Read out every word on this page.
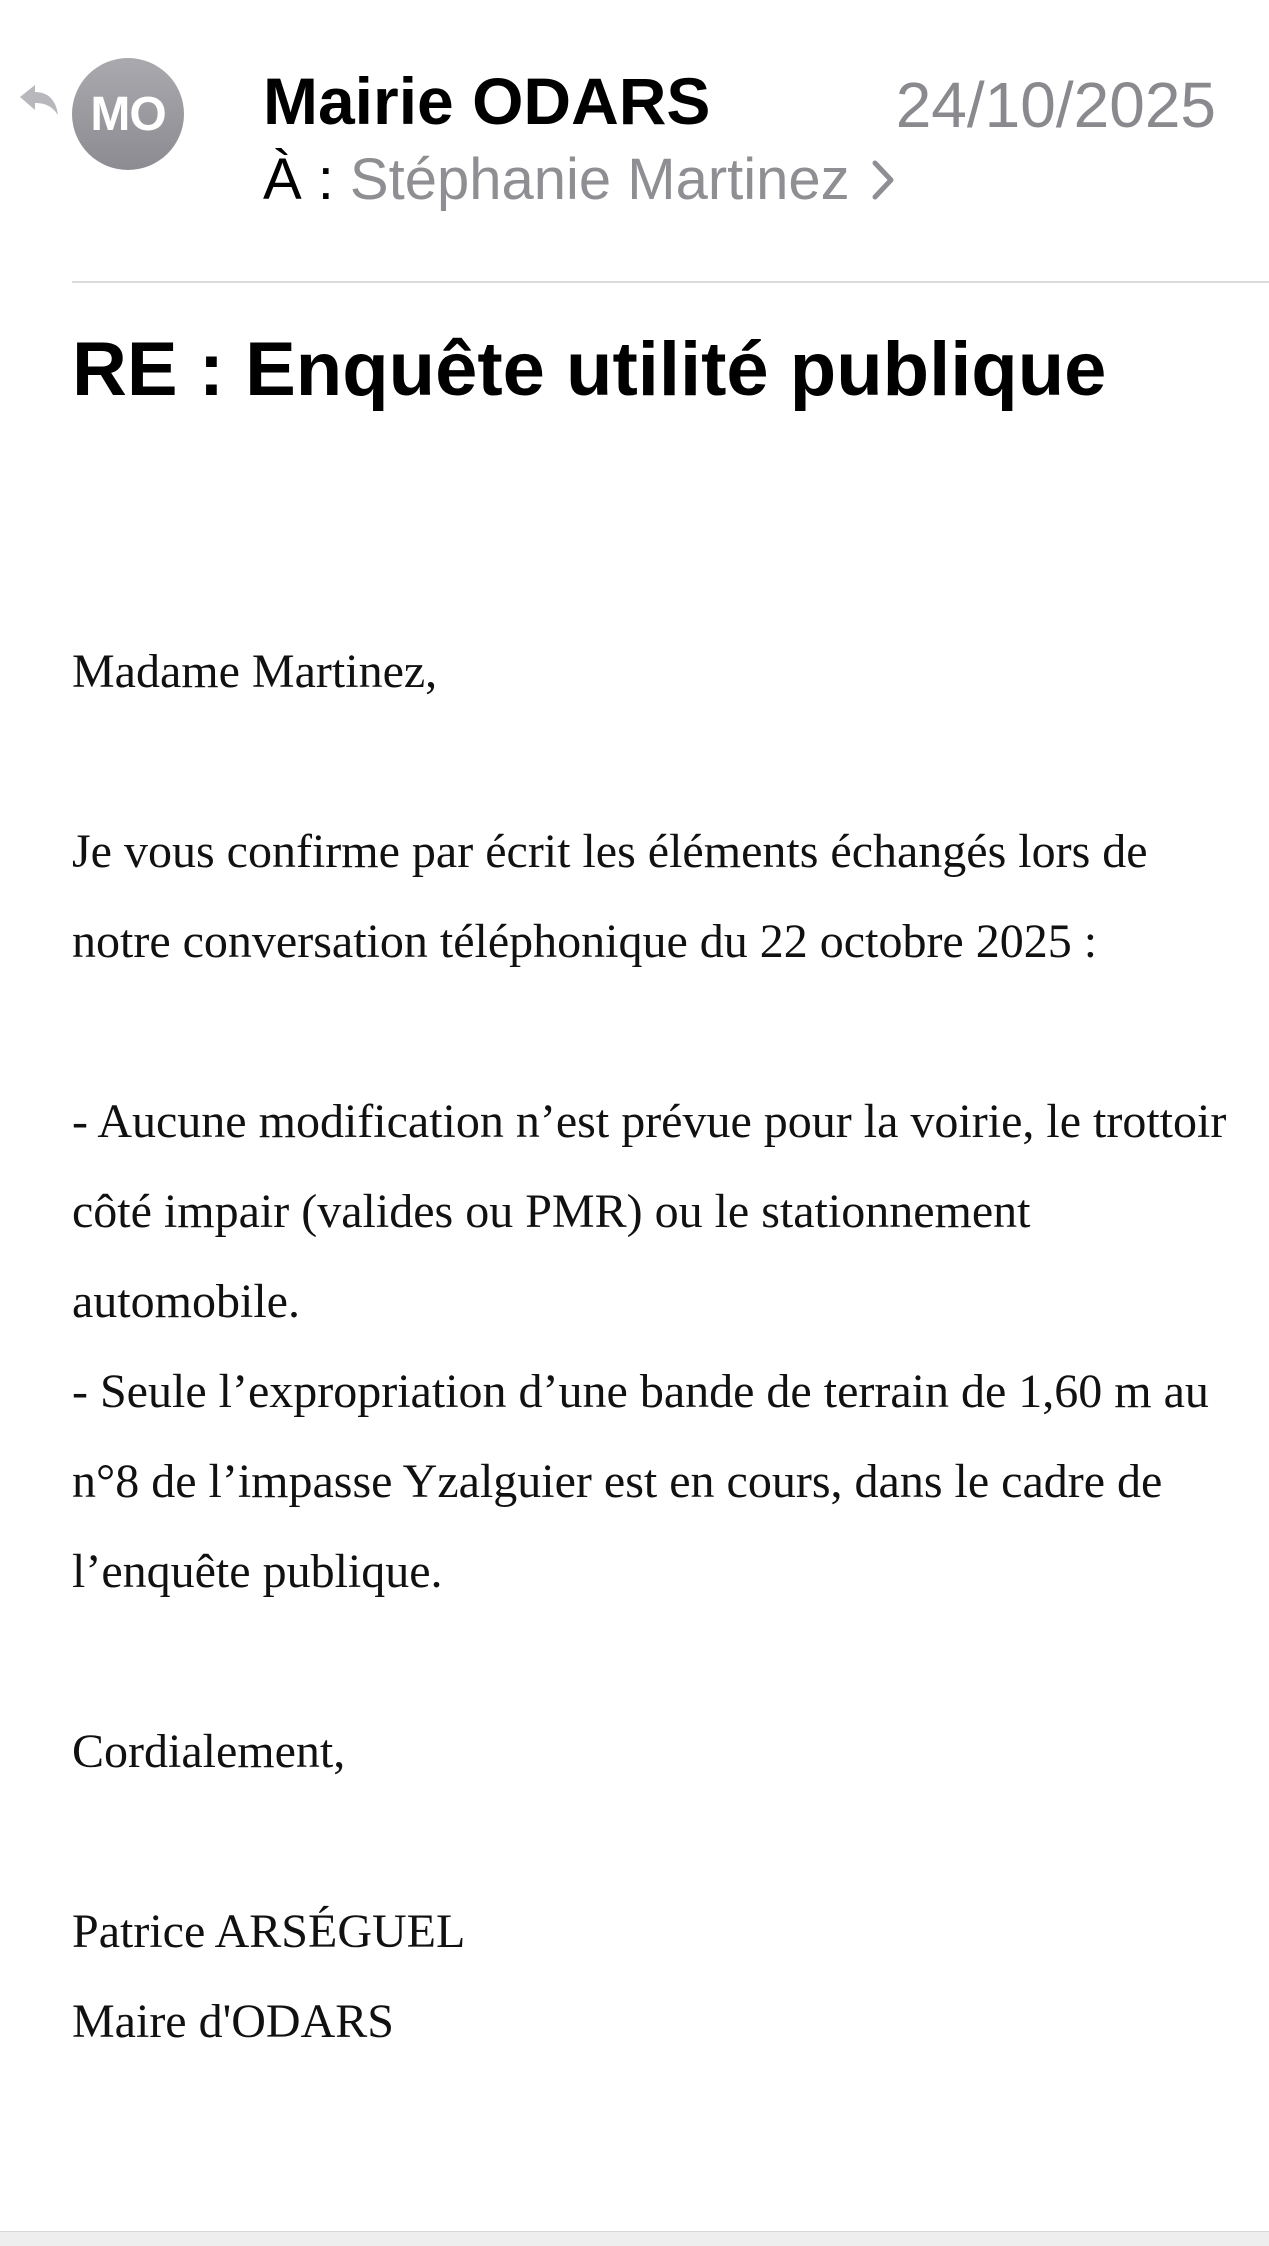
MO Mairie ODARS	24/10/2025
À : Stéphanie Martinez
RE : Enquête utilité publique

Madame Martinez,

Je vous confirme par écrit les éléments échangés lors de notre conversation téléphonique du 22 octobre 2025 :

- Aucune modification n’est prévue pour la voirie, le trottoir côté impair (valides ou PMR) ou le stationnement automobile.

- Seule l’expropriation d’une bande de terrain de 1,60 m au n°8 de l’impasse Yzalguier est en cours, dans le cadre de l’enquête publique.

Cordialement,

Patrice ARSÉGUEL

Maire d'ODARS
